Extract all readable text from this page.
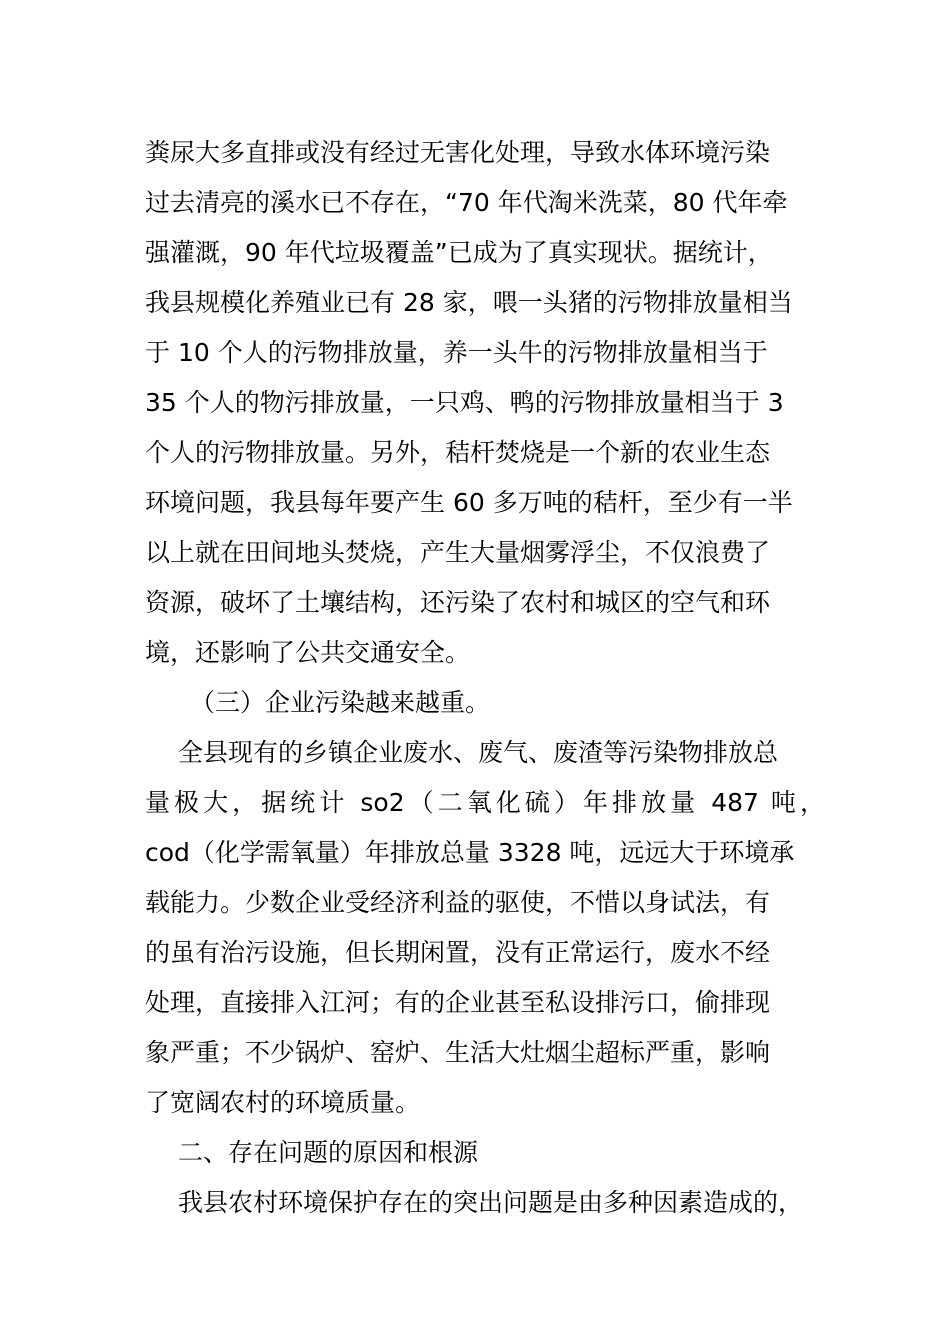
粪尿大多直排或没有经过无害化处理，导致水体环境污染
过去清亮的溪水已不存在，“70 年代淘米洗菜，80 代年牵
强灌溉，90 年代垃圾覆盖”已成为了真实现状。据统计，
我县规模化养殖业已有 28 家，喂一头猪的污物排放量相当
于 10 个人的污物排放量，养一头牛的污物排放量相当于
35 个人的物污排放量，一只鸡、鸭的污物排放量相当于 3
个人的污物排放量。另外，秸杆焚烧是一个新的农业生态
环境问题，我县每年要产生 60 多万吨的秸杆，至少有一半
以上就在田间地头焚烧，产生大量烟雾浮尘，不仅浪费了
资源，破坏了土壤结构，还污染了农村和城区的空气和环
境，还影响了公共交通安全。
（三）企业污染越来越重。
全县现有的乡镇企业废水、废气、废渣等污染物排放总
量极大，据统计 so2（二氧化硫）年排放量 487 吨，
cod（化学需氧量）年排放总量 3328 吨，远远大于环境承
载能力。少数企业受经济利益的驱使，不惜以身试法，有
的虽有治污设施，但长期闲置，没有正常运行，废水不经
处理，直接排入江河；有的企业甚至私设排污口，偷排现
象严重；不少锅炉、窑炉、生活大灶烟尘超标严重，影响
了宽阔农村的环境质量。
二、存在问题的原因和根源
我县农村环境保护存在的突出问题是由多种因素造成的，
